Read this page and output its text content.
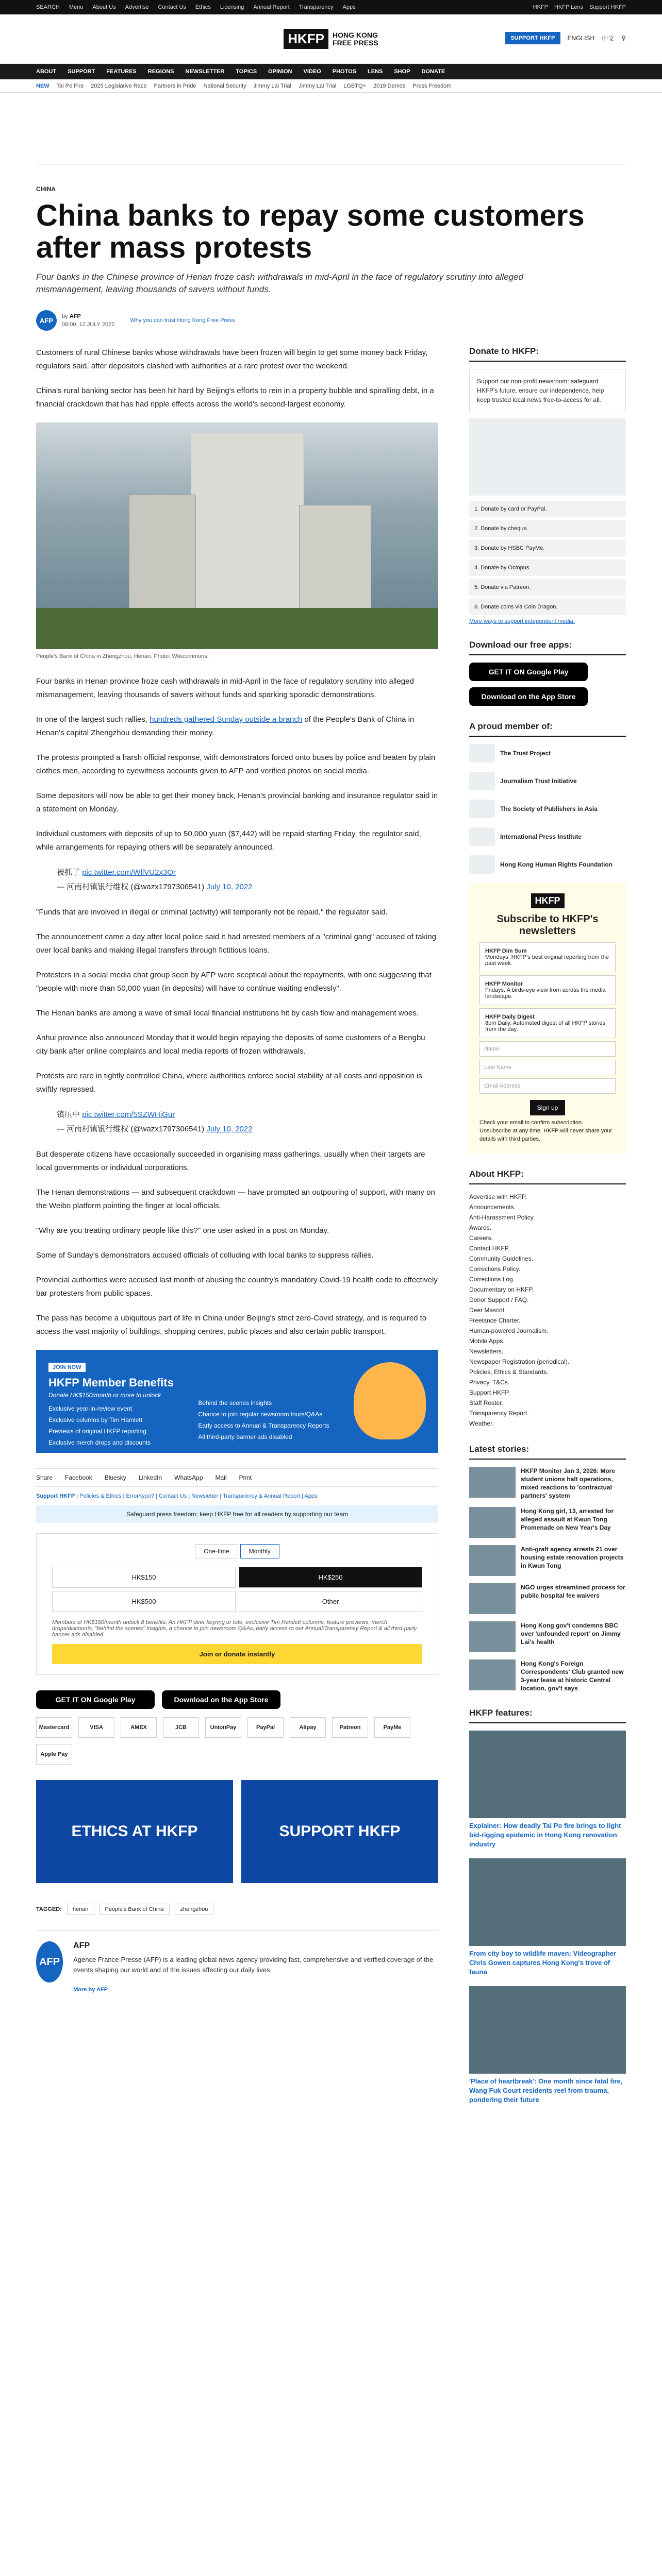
SEARCH Menu About Us Advertise Contact Us Ethics Licensing Annual Report Transparency Apps	HKFP HKFP Lens Support HKFP
HKFP	HONG KONG
FREE PRESS
SUPPORT HKFP	ENGLISH 中文 ⚲
ABOUT SUPPORT FEATURES REGIONS NEWSLETTER TOPICS OPINION VIDEO PHOTOS LENS SHOP DONATE
NEW Tai Po Fire 2025 Legislative Race Partners in Pride National Security Jimmy Lai Trial Jimmy Lai Trial LGBTQ+ 2019 Demos Press Freedom
CHINA
China banks to repay some customers after mass protests
Four banks in the Chinese province of Henan froze cash withdrawals in mid-April in the face of regulatory scrutiny into alleged mismanagement, leaving thousands of savers without funds.
AFP
by AFP
08:00, 12 JULY 2022
Why you can trust Hong Kong Free Press

Customers of rural Chinese banks whose withdrawals have been frozen will begin to get some money back Friday, regulators said, after depositors clashed with authorities at a rare protest over the weekend.

China's rural banking sector has been hit hard by Beijing's efforts to rein in a property bubble and spiralling debt, in a financial crackdown that has had ripple effects across the world's second-largest economy.

People's Bank of China in Zhengzhou, Henan. Photo: Wikicommons.

Four banks in Henan province froze cash withdrawals in mid-April in the face of regulatory scrutiny into alleged mismanagement, leaving thousands of savers without funds and sparking sporadic demonstrations.

In one of the largest such rallies, hundreds gathered Sunday outside a branch of the People's Bank of China in Henan's capital Zhengzhou demanding their money.

The protests prompted a harsh official response, with demonstrators forced onto buses by police and beaten by plain clothes men, according to eyewitness accounts given to AFP and verified photos on social media.

Some depositors will now be able to get their money back, Henan's provincial banking and insurance regulator said in a statement on Monday.

Individual customers with deposits of up to 50,000 yuan ($7,442) will be repaid starting Friday, the regulator said, while arrangements for repaying others will be separately announced.

被抓了 pic.twitter.com/WllVU2x3Or
— 河南村镇银行维权 (@wazx1797306541) July 10, 2022

"Funds that are involved in illegal or criminal (activity) will temporarily not be repaid," the regulator said.

The announcement came a day after local police said it had arrested members of a "criminal gang" accused of taking over local banks and making illegal transfers through fictitious loans.

Protesters in a social media chat group seen by AFP were sceptical about the repayments, with one suggesting that "people with more than 50,000 yuan (in deposits) will have to continue waiting endlessly".

The Henan banks are among a wave of small local financial institutions hit by cash flow and management woes.

Anhui province also announced Monday that it would begin repaying the deposits of some customers of a Bengbu city bank after online complaints and local media reports of frozen withdrawals.

Protests are rare in tightly controlled China, where authorities enforce social stability at all costs and opposition is swiftly repressed.

镇压中 pic.twitter.com/5SZWHiGur
— 河南村镇银行维权 (@wazx1797306541) July 10, 2022

But desperate citizens have occasionally succeeded in organising mass gatherings, usually when their targets are local governments or individual corporations.

The Henan demonstrations — and subsequent crackdown — have prompted an outpouring of support, with many on the Weibo platform pointing the finger at local officials.

"Why are you treating ordinary people like this?" one user asked in a post on Monday.

Some of Sunday's demonstrators accused officials of colluding with local banks to suppress rallies.

Provincial authorities were accused last month of abusing the country's mandatory Covid-19 health code to effectively bar protesters from public spaces.

The pass has become a ubiquitous part of life in China under Beijing's strict zero-Covid strategy, and is required to access the vast majority of buildings, shopping centres, public places and also certain public transport.

JOIN NOW
HKFP Member Benefits
Donate HK$150/month or more to unlock
Exclusive year-in-review event
Exclusive columns by Tim Hamlett
Previews of original HKFP reporting
Exclusive merch drops and discounts
Behind the scenes insights
Chance to join regular newsroom tours/Q&As
Early access to Annual & Transparency Reports
All third-party banner ads disabled
Share Facebook Bluesky LinkedIn WhatsApp Mail Print
Support HKFP | Policies & Ethics | Error/typo? | Contact Us | Newsletter | Transparency & Annual Report | Apps
Safeguard press freedom; keep HKFP free for all readers by supporting our team
One-time	Monthly
HK$150	HK$250
HK$500	Other
Members of HK$150/month unlock 8 benefits: An HKFP deer keyring or tote, exclusive Tim Hamlett columns, feature previews, merch drops/discounts, "behind the scenes" insights, a chance to join newsroom Q&As, early access to our Annual/Transparency Report & all third-party banner ads disabled.
Join or donate instantly
GET IT ON Google Play	Download on the App Store
Mastercard	VISA	AMEX	JCB	UnionPay	PayPal	Alipay	Patreon	PayMe
Apple Pay
ETHICS AT HKFP	SUPPORT HKFP
TAGGED:	henan	People's Bank of China	zhengzhou
AFP
AFP

Agence France-Presse (AFP) is a leading global news agency providing fast, comprehensive and verified coverage of the events shaping our world and of the issues affecting our daily lives.

More by AFP
Donate to HKFP:
Support our non-profit newsroom: safeguard HKFP's future, ensure our independence, help keep trusted local news free-to-access for all.
1. Donate by card or PayPal.
2. Donate by cheque.
3. Donate by HSBC PayMe.
4. Donate by Octopus.
5. Donate via Patreon.
6. Donate coins via Coin Dragon.
More ways to support independent media.
Download our free apps:
GET IT ON Google Play
Download on the App Store
A proud member of:
The Trust Project
Journalism Trust Initiative
The Society of Publishers in Asia
International Press Institute
Hong Kong Human Rights Foundation
HKFP
Subscribe to HKFP's newsletters
HKFP Dim Sum
Mondays. HKFP's best original reporting from the past week.
HKFP Monitor
Fridays. A birds-eye view from across the media landscape.
HKFP Daily Digest
8pm Daily. Automated digest of all HKFP stories from the day.
Name
Last Name
Email Address
Sign up
Check your email to confirm subscription. Unsubscribe at any time. HKFP will never share your details with third parties.
About HKFP:
Advertise with HKFP.
Announcements.
Anti-Harassment Policy.
Awards.
Careers.
Contact HKFP.
Community Guidelines.
Corrections Policy.
Corrections Log.
Documentary on HKFP.
Donor Support / FAQ.
Deer Mascot.
Freelance Charter.
Human-powered Journalism.
Mobile Apps.
Newsletters.
Newspaper Registration (periodical).
Policies, Ethics & Standards.
Privacy, T&Cs.
Support HKFP.
Staff Roster.
Transparency Report.
Weather.
Latest stories:
HKFP Monitor Jan 3, 2026: More student unions halt operations, mixed reactions to 'contractual partners' system
Hong Kong girl, 13, arrested for alleged assault at Kwun Tong Promenade on New Year's Day
Anti-graft agency arrests 21 over housing estate renovation projects in Kwun Tong
NGO urges streamlined process for public hospital fee waivers
Hong Kong gov't condemns BBC over 'unfounded report' on Jimmy Lai's health
Hong Kong's Foreign Correspondents' Club granted new 3-year lease at historic Central location, gov't says
HKFP features:
Explainer: How deadly Tai Po fire brings to light bid-rigging epidemic in Hong Kong renovation industry
From city boy to wildlife maven: Videographer Chris Gowen captures Hong Kong's trove of fauna
'Place of heartbreak': One month since fatal fire, Wang Fuk Court residents reel from trauma, pondering their future
